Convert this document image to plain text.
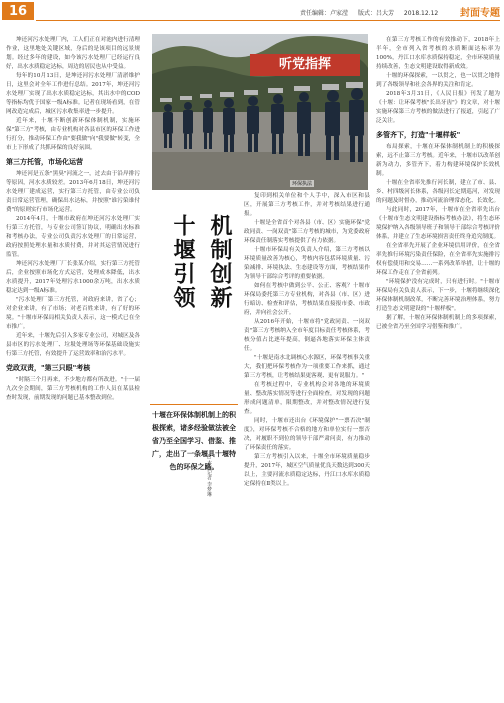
16	责任编辑：卢家滢 版式：吕大芳 2018.12.12	封面专题

坤还河污水处理厂内，工人们正在对池内进行清理作业，这里地处关键区域，身后的是该项目的远景规划。经过多年的建设，如今该污水处理厂已经运行良好，出水水质稳定达标，周边的居民也从中受益。

每年的10月13日，是坤还河污水处理厂清淤维护日，这里会对全年工作进行总结。2017年，坤还河污水处理厂实现了出水水质稳定达标，其出水中的COD等指标均优于国家一级A标准。记者在现场看到，在管网改造完成后，城区污水收集率进一步提升。

近年来，十堰不断创新环保体制机制，实施环保"第三方"考核，由专业机构对各县市区的环保工作进行打分，推动环保工作由"要我做"向"我要做"转变，全市上下形成了共抓环保的良好氛围。

第三方托管，市场化运营

坤还河是五条"黑臭"河流之一，过去由于沿岸排污等原因，河水水质较差。2013年6月18日，坤还河污水处理厂建成运营，实行第三方托管，由专业公司负责日常运营管理，确保出水达标，并按照"谁污染谁付费"的原则实行市场化运营。

2014年4月，十堰市政府在坤还河污水处理厂实行第三方托管，与专业公司签订协议，明确出水标准和考核办法，专业公司负责污水处理厂的日常运营，政府按照处理水量和水质付费，并对其运营情况进行监管。

坤还河污水处理厂厂长张某介绍，实行第三方托管后，企业按照市场化方式运营，处理成本降低，出水水质提升，2017年处理污水1000余万吨，出水水质稳定达到一级A标准。

"污水处理厂第三方托管，对政府来讲，省了心；对企业来讲，有了市场；对老百姓来讲，有了好的环境。"十堰市环保局相关负责人表示，这一模式已在全市推广。

近年来，十堰先后引入多家专业公司，对城区及各县市区的污水处理厂、垃圾处理场等环保基础设施实行第三方托管，有效提升了运营效率和治污水平。

党政双责，"第三只眼"考核

"时隔三个月再来，不少地方都有所改进。"十一届九次全会期间，第三方考核机构的工作人员在某县检查时发现，前期发现的问题已基本整改到位。

听党指挥
环保执法
机制创新
十堰引领
□本报记者 李梦琳
十堰在环保体制机制上的积极探索，诸多经验做法被全省乃至全国学习、借鉴、推广，走出了一条堰具十堰特色的环保之路。

复印到相关单位和个人手中，深入市区和县区，开展第三方考核工作，并对考核结果进行通报。

十堰是全省首个对各县（市、区）实施环保"党政同责、一岗双责"第三方考核的城市，为党委政府环保责任制落实考核提供了有力依据。

十堰市环保局有关负责人介绍，第三方考核以环境质量改善为核心，考核内容包括环境质量、污染减排、环境执法、生态建设等方面，考核结果作为领导干部综合考评的重要依据。

如何在考核中做到公平、公正、客观？十堰市环保局委托第三方专业机构，对各县（市、区）进行暗访、检查和评估，考核结果直接报市委、市政府，并向社会公开。

从2016年开始，十堰市将"党政同责、一岗双责"第三方考核纳入全市年度目标责任考核体系，考核分值占比逐年提高，倒逼各地落实环保主体责任。

"十堰是南水北调核心水源区，环保考核事关重大，我们把环保考核作为一项重要工作来抓，通过第三方考核，让考核结果更客观、更有说服力。"

在考核过程中，专业机构会对各地的环境质量、整改落实情况等进行全面检查，对发现的问题形成问题清单，限期整改，并对整改情况进行复查。

同时，十堰市还出台《环境保护"一票否决"制度》，对环保考核不合格的地方和单位实行一票否决，对履职不到位的领导干部严肃问责，有力推动了环保责任的落实。

第三方考核引入以来，十堰全市环境质量稳步提升，2017年，城区空气质量优良天数达到300天以上，主要河流水质稳定达标，丹江口水库水质稳定保持在Ⅱ类以上。

在第三方考核工作的有效推动下，2018年上半年，全市列入省考核的水质断面达标率为100%，丹江口水库水质保持稳定，全市环境质量持续改善，生态文明建设取得新成效。

十堰的环保探索，一以贯之，也一以贯之地得到了各级领导和社会各界的关注和肯定。

2018年3月31日，《人民日报》刊发了题为《十堰：让环保考核"长出牙齿"》的文章，对十堰实施环保第三方考核的做法进行了报道，引起了广泛关注。

多管齐下，打造"十堰样板"

布局探索，十堰在环保体制机制上的积极探索，远不止第三方考核。近年来，十堰市以改革创新为动力，多管齐下，着力构建环境保护长效机制。

十堰在全省率先推行河长制，建立了市、县、乡、村四级河长体系，各级河长定期巡河，对发现的问题及时督办，推动河流治理常态化、长效化。

与此同时，2017年，十堰市在全省率先出台《十堰市生态文明建设指标考核办法》，将生态环境保护纳入各级领导班子和领导干部综合考核评价体系，并建立了生态环境损害责任终身追究制度。

在全省率先开展了企业环境信用评价，在全省率先推行环境污染责任保险，在全省率先实施排污权有偿使用和交易……一系列改革举措，让十堰的环保工作走在了全省前列。

"环境保护没有完成时，只有进行时。"十堰市环保局有关负责人表示，下一步，十堰将继续深化环保体制机制改革，不断完善环境治理体系，努力打造生态文明建设的"十堰样板"。

据了解，十堰在环保体制机制上的多项探索，已被全省乃至全国学习借鉴和推广。
